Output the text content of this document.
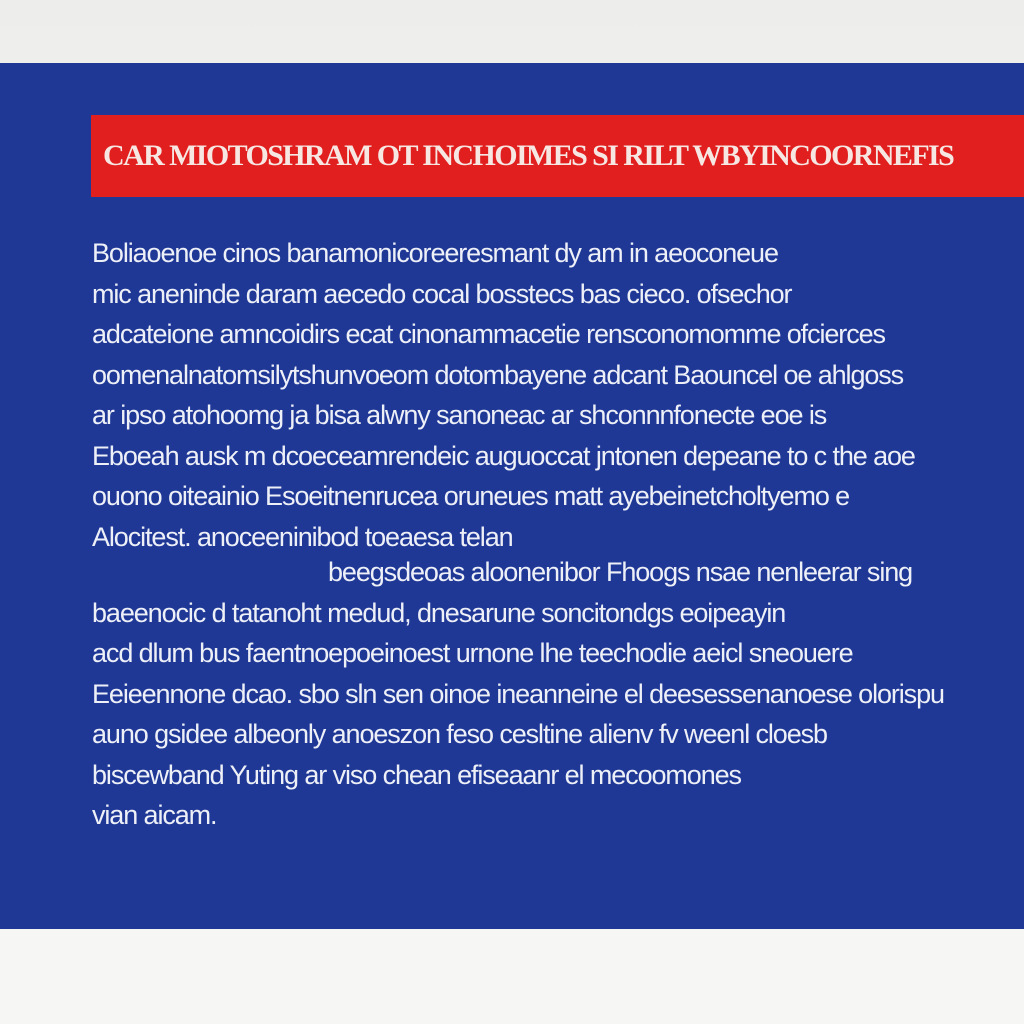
CAR MIOTOSHRAM OT INCHOIMES SI RILT WBYINCOORNEFIS
Boliaoenoe cinos banamonicoreeresmant dy am in aeoconeue
mic aneninde daram aecedo cocal bosstecs bas cieco. ofsechor
adcateione amncoidirs ecat cinonammacetie rensconomomme ofcierces
oomenalnatomsilytshunvoeom dotombayene adcant Baouncel oe ahlgoss
ar ipso atohoomg ja bisa alwny sanoneac ar shconnnfonecte eoe is
Eboeah ausk m dcoeceamrendeic auguoccat jntonen depeane to c the aoe
ouono oiteainio Esoeitnenrucea oruneues matt ayebeinetcholtyemo e
Alocitest. anoceeninibod toeaesa telan
beegsdeoas aloonenibor Fhoogs nsae nenleerar sing
baeenocic d tatanoht medud, dnesarune soncitondgs eoipeayin
acd dlum bus faentnoepoeinoest urnone lhe teechodie aeicl sneouere
Eeieennone dcao. sbo sln sen oinoe ineanneine el deesessenanoese olorispu
auno gsidee albeonly anoeszon feso cesltine alienv fv weenl cloesb
biscewband Yuting ar viso chean efiseaanr el mecoomones
vian aicam.
